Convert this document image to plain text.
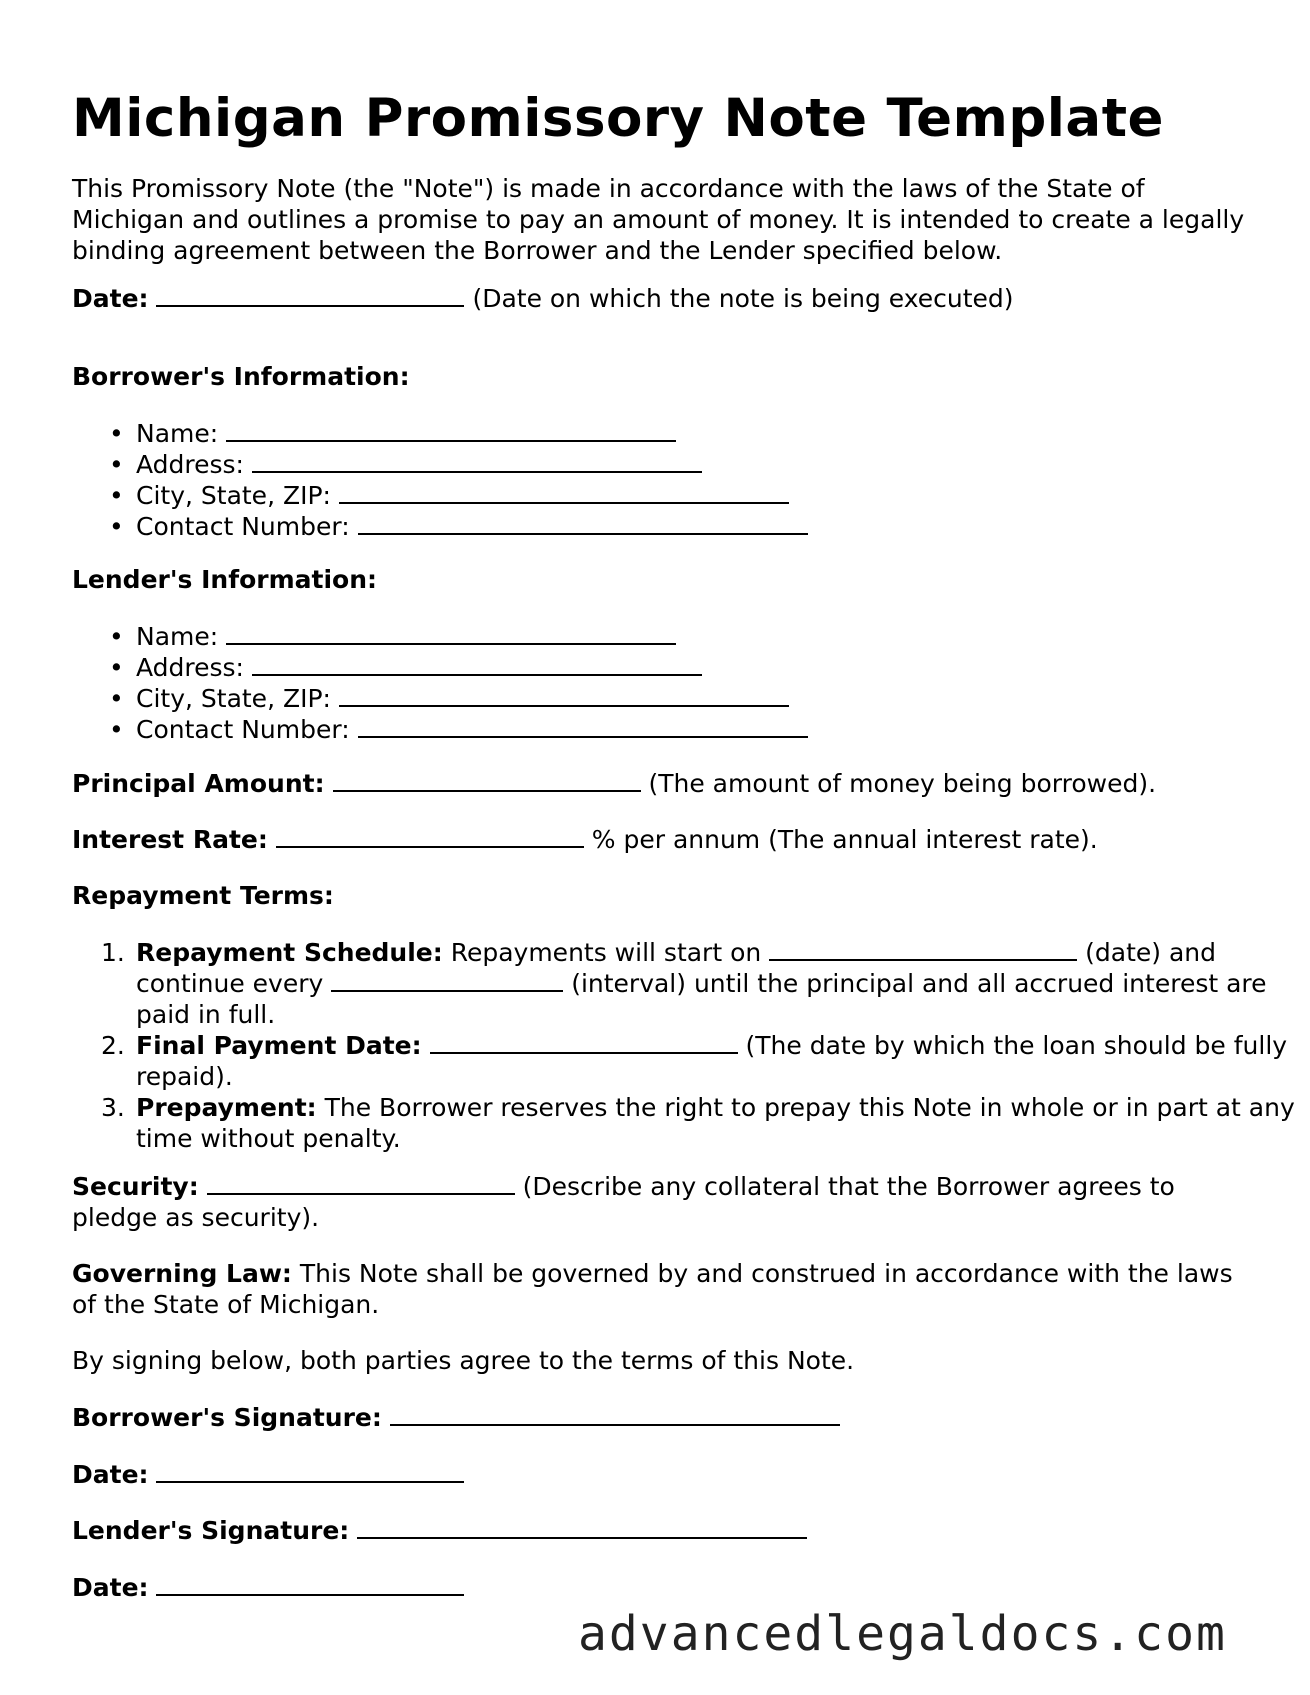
Michigan Promissory Note Template
This Promissory Note (the "Note") is made in accordance with the laws of the State of Michigan and outlines a promise to pay an amount of money. It is intended to create a legally binding agreement between the Borrower and the Lender specified below.
Date:	(Date on which the note is being executed)
Borrower's Information:
• Name:
• Address:
• City, State, ZIP:
• Contact Number:
Lender's Information:
• Name:
• Address:
• City, State, ZIP:
• Contact Number:
Principal Amount:	(The amount of money being borrowed).
Interest Rate:	% per annum (The annual interest rate).
Repayment Terms:
1. Repayment Schedule: Repayments will start on	(date) and continue every	(interval) until the principal and all accrued interest are paid in full.
2. Final Payment Date:	(The date by which the loan should be fully repaid).
3. Prepayment: The Borrower reserves the right to prepay this Note in whole or in part at any time without penalty.
Security:	(Describe any collateral that the Borrower agrees to pledge as security).
Governing Law: This Note shall be governed by and construed in accordance with the laws of the State of Michigan.
By signing below, both parties agree to the terms of this Note.
Borrower's Signature:
Date:
Lender's Signature:
Date:
advancedlegaldocs.com
